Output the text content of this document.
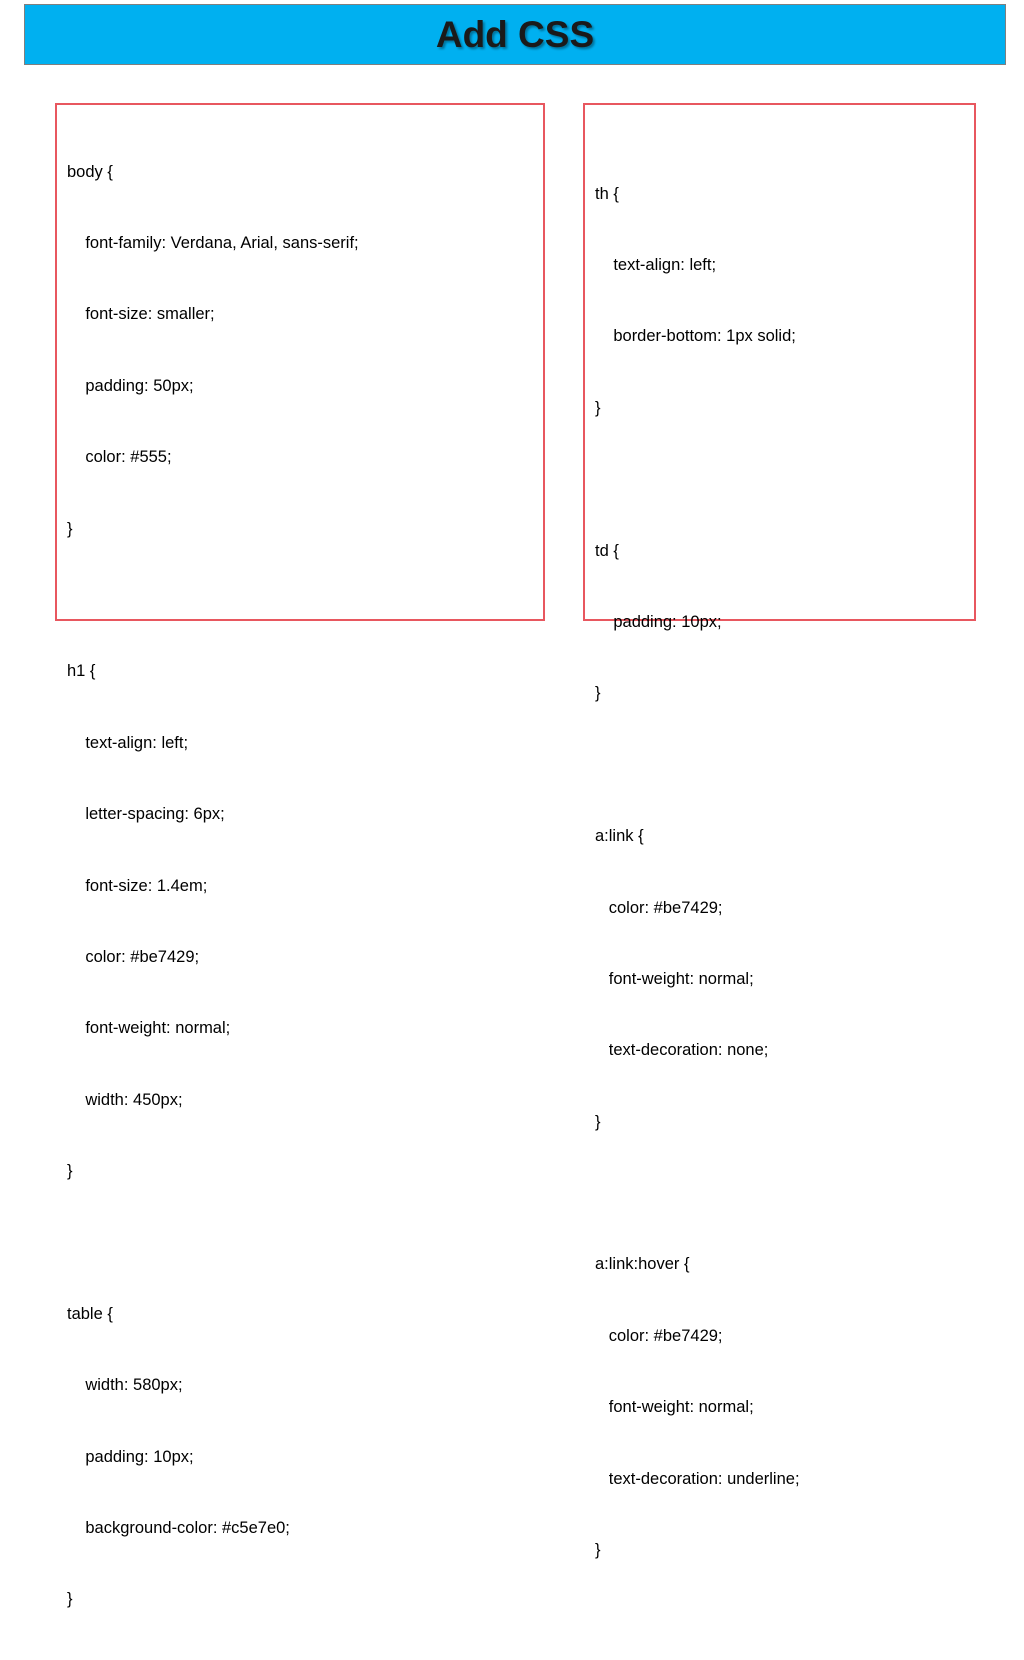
Add CSS

body {

font-family: Verdana, Arial, sans-serif;

font-size: smaller;

padding: 50px;

color: #555;

}

h1 {

text-align: left;

letter-spacing: 6px;

font-size: 1.4em;

color: #be7429;

font-weight: normal;

width: 450px;

}

table {

width: 580px;

padding: 10px;

background-color: #c5e7e0;

}

th {

text-align: left;

border-bottom: 1px solid;

}

td {

padding: 10px;

}

a:link {

color: #be7429;

font-weight: normal;

text-decoration: none;

}

a:link:hover {

color: #be7429;

font-weight: normal;

text-decoration: underline;

}
